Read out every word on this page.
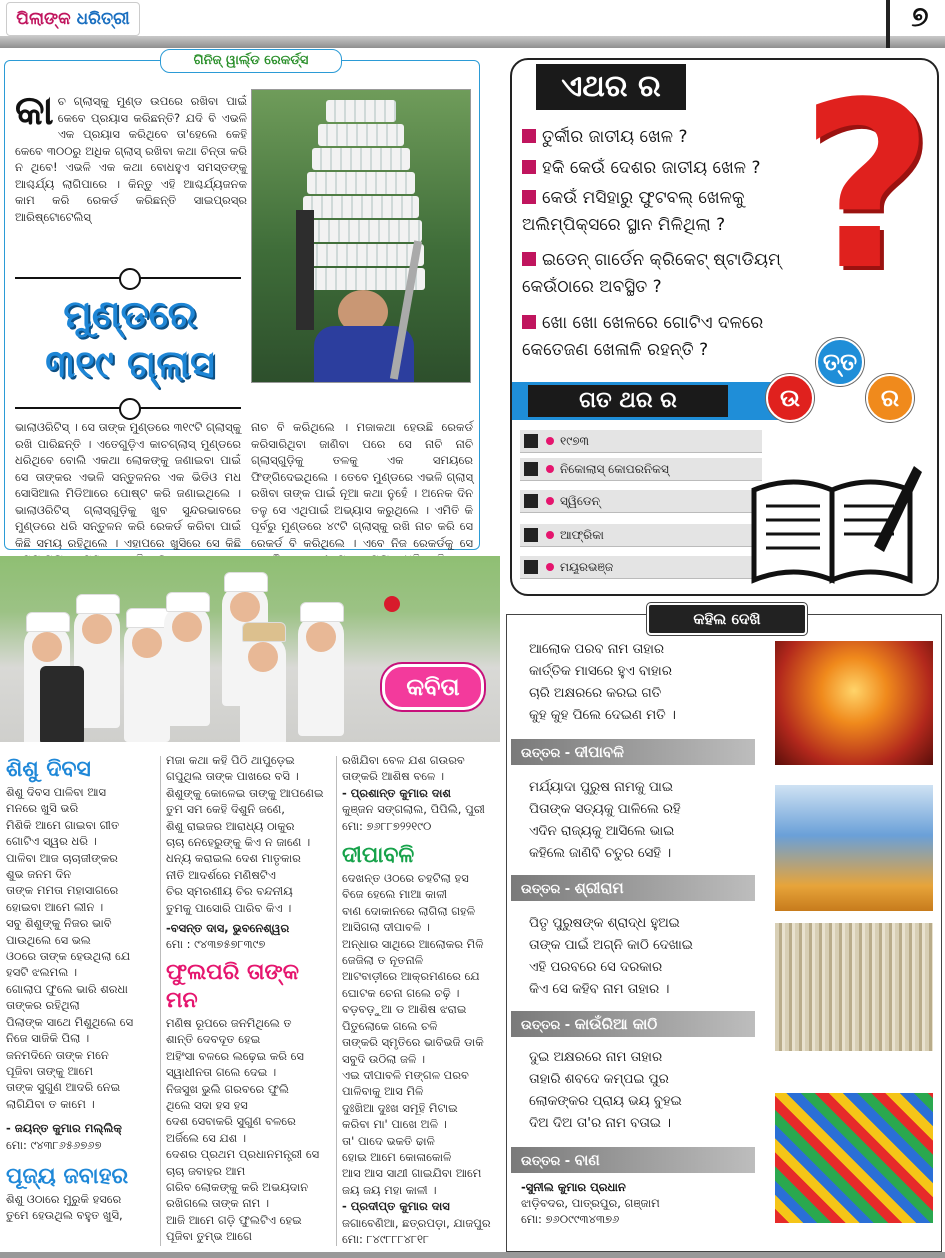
ପିଲାଙ୍କ ଧରିତ୍ରୀ	୭
ଗିନିଜ୍ ୱାର୍ଲ୍ଡ ରେକର୍ଡ୍ସ
କାଚ ଗ୍ଲାସ୍କୁ ମୁଣ୍ଡ ଉପରେ ରଖିବା ପାଇଁ କେବେ ପ୍ରୟାସ କରିଛନ୍ତି? ଯଦି ବି ଏଭଳି ଏକ ପ୍ରୟାସ କରିଥିବେ ତା'ହେଲେ କେହି କେବେ ୩୦୦ରୁ ଅଧିକ ଗ୍ଲାସ୍ ରଖିବା କଥା ଚିନ୍ତା କରି ନ ଥିବେ! ଏଭଳି ଏକ କଥା ବୋଧହୁଏ ସମସ୍ତଙ୍କୁ ଆଶ୍ଚର୍ଯ୍ୟ ଲାଗିପାରେ । କିନ୍ତୁ ଏହି ଆଶ୍ଚର୍ଯ୍ୟଜନକ କାମ କରି ରେକର୍ଡ କରିଛନ୍ତି ସାଇପ୍ରସ୍‌ର ଆରିଷ୍ଟୋଟେଲିସ୍
ମୁଣ୍ଡରେ
୩୧୯ ଗ୍ଲାସ
ଭାଲାଓରିଟିସ୍ । ସେ ତାଙ୍କ ମୁଣ୍ଡରେ ୩୧୯ଟି ଗ୍ଲାସ୍କୁ ରଖି ପାରିଛନ୍ତି । ଏତେଗୁଡ଼ିଏ କାଚଗ୍ଲାସ୍ ମୁଣ୍ଡରେ ଧରିଥିବେ ବୋଲି ଏକଥା ଲୋକଙ୍କୁ ଜଣାଇବା ପାଇଁ ସେ ତାଙ୍କର ଏଭଳି ସନ୍ତୁଳନର ଏକ ଭିଡିଓ ମଧ ସୋସିଆଲ ମିଡିଆରେ ପୋଷ୍ଟ କରି ଜଣାଇଥିଲେ । ଭାଲାଓରିଟିସ୍ ଗ୍ଲାସ୍‌ଗୁଡ଼ିକୁ ଖୁବ ସୁନ୍ଦରଭାବରେ ମୁଣ୍ଡରେ ଧରି ସନ୍ତୁଳନ କରି ରେକର୍ଡ କରିବା ପାଇଁ କିଛି ସମୟ ରହିଥିଲେ । ଏହାପରେ ଖୁସିରେ ସେ କିଛି
ନାଚ ବି କରିଥିଲେ । ମଜାକଥା ହେଉଛି ରେକର୍ଡ କରିସାରିଥିବା ଜାଣିବା ପରେ ସେ ନାଚି ନାଚି ଗ୍ଲାସ୍‌ଗୁଡ଼ିକୁ ତଳକୁ ଏକ ସମୟରେ ଫିଙ୍ଗିଦେଇଥିଲେ । ତେବେ ମୁଣ୍ଡରେ ଏଭଳି ଗ୍ଲାସ୍ ରଖିବା ତାଙ୍କ ପାଇଁ ନୂଆ କଥା ନୁହେଁ । ଅନେକ ଦିନ ତଳୁ ସେ ଏଥିପାଇଁ ଅଭ୍ୟାସ କରୁଥିଲେ । ଏମିତି କି ପୂର୍ବରୁ ମୁଣ୍ଡରେ ୪୯ଟି ଗ୍ଲାସ୍କୁ ରଖି ନାଚ କରି ସେ ରେକର୍ଡ ବି କରିଥିଲେ । ଏବେ ନିଜ ରେକର୍ଡକୁ ସେ
ଏଥର ର ?
ତୁର୍କୀର ଜାତୀୟ ଖେଳ ?
ହକି କେଉଁ ଦେଶର ଜାତୀୟ ଖେଳ ?
କେଉଁ ମସିହାରୁ ଫୁଟବଲ୍ ଖେଳକୁ ଅଲିମ୍ପିକ୍ସରେ ସ୍ଥାନ ମିଳିଥିଲା ?
ଇଡେନ୍ ଗାର୍ଡେନ କ୍ରିକେଟ୍ ଷ୍ଟାଡିୟମ୍ କେଉଁଠାରେ ଅବସ୍ଥିତ ?
ଖୋ ଖୋ ଖେଳରେ ଗୋଟିଏ ଦଳରେ କେତେଜଣ ଖେଳାଳି ରହନ୍ତି ?
ଗତ ଥର ର	ଉ
ତ୍ତ
ର
୧୯୭୩
ନିକୋଲାସ୍ କୋପରନିକସ୍
ସ୍ୱିଡେନ୍
ଆଫ୍ରିକା
ମୟୂରଭଞ୍ଜ
କବିତା
ଶିଶୁ ଦିବସ
ଶିଶୁ ଦିବସ ପାଳିବା ଆସ
ମନରେ ଖୁସି ଭରି
ମିଶିକି ଆମେ ଗାଇବା ଗୀତ
ଗୋଟିଏ ସ୍ୱର ଧରି ।
ପାଳିବା ଆଜ ଚାଚାଜୀଙ୍କର
ଶୁଭ ଜନମ ଦିନ
ତାଙ୍କ ମମତା ମହାସାଗରେ
ହୋଇବା ଆମେ ଲୀନ ।
ସବୁ ଶିଶୁଙ୍କୁ ନିଜର ଭାବି
ପାଉଥିଲେ ସେ ଭଲ
ଓଠରେ ତାଙ୍କ ହେଉଥିଲା ଯେ
ହସଟି ଝଲମଲ ।
ଗୋଲାପ ଫୁଲେ ଭାରି ଶରଧା
ତାଙ୍କର ରହିଥିଲା
ପିଲାଙ୍କ ସାଥେ ମିଶୁଥିଲେ ସେ
ନିଜେ ସାଜିକି ପିଲା ।
ଜନମଦିନେ ତାଙ୍କ ମନେ
ପୂଜିବା ତାଙ୍କୁ ଆମେ
ତାଙ୍କ ସୁଗୁଣ ଆଦରି ନେଇ
ଲାଗିଯିବା ତ କାମେ ।
- ଜୟନ୍ତ କୁମାର ମଲ୍ଲିକ୍
ମୋ: ୯୪୩୮୬୫୬୭୬୭
ପୂଜ୍ୟ ଜବାହର
ଶିଶୁ ଓଠାରେ ମୁରୁକି ହସରେ
ତୁମେ ହେଉଥିଲ ବହୁତ ଖୁସି,
ମଜା କଥା କହି ପିଠି ଥାପୁଡ଼େଇ
ଗପୁଥିଲ ତାଙ୍କ ପାଖରେ ବସି ।
ଶିଶୁଙ୍କୁ କୋଳେଇ ତାଙ୍କୁ ଆପଣେଇ
ତୁମ ସମ କେହି ଦିଶୁନି ଜଣେ,
ଶିଶୁ ରାଇଜର ଆରାଧ୍ୟ ଠାକୁର
ଚାଚା ନେହେରୁଙ୍କୁ କିଏ ନ ଜାଣେ ।
ଧନ୍ୟ କରାଇଲ ଦେଶ ମାତୃକାର
ନୀତି ଆଦର୍ଶରେ ମଣିଷଟିଏ
ଚିର ସ୍ମରଣୀୟ ଚିର ବନ୍ଦନୀୟ
ତୁମକୁ ପାସୋରି ପାରିବ କିଏ ।
-ବସନ୍ତ ଦାସ, ଭୁବନେଶ୍ୱର
ମୋ : ୯୪୩୭୫୭୮୩୯୭
ଫୁଲପରି ତାଙ୍କ ମନ
ମଣିଷ ରୂପରେ ଜନମିଥିଲେ ତ
ଶାନ୍ତି ଦେବଦୂତ ହେଇ
ଅହିଂସା ବଳରେ ଲଢ଼େଇ କରି ସେ
ସ୍ୱାଧୀନତା ଗଲେ ଦେଇ ।
ନିଜସୁଖ ଭୁଲି ଗରବରେ ଫୁଲି
ଥିଲେ ସଦା ହସ ହସ
ଦେଶ ସେବାକରି ସୁଗୁଣ ବଳରେ
ଅର୍ଜିଲେ ସେ ଯଶ ।
ଦେଶର ପ୍ରଥମ ପ୍ରଧାନମନ୍ତ୍ରୀ ସେ
ଚାଚା ଜବାହର ଆମ
ଗରିବ ଲୋକଙ୍କୁ କରି ଅଭୟଦାନ
ରଖିଗଲେ ତାଙ୍କ ନାମ ।
ଆଜି ଆମେ ଗଡ଼ି ଫୁଲଟିଏ ହେଇ
ପୂଜିବା ତୁମ୍ଭ ଆଗେ
ରଖିଯିବା ବେଳ ଯଶ ଗଉରବ
ତାଙ୍କରି ଆଶିଷ ବଳେ ।
- ପ୍ରଶାନ୍ତ କୁମାର ଦାଶ
କୁଞ୍ଜନ ସଙ୍ଗଲାଲ, ପିପିଲି, ପୁରୀ
ମୋ: ୭୬୮୮୭୨୨୧୯୦
ଦୀପାବଳି
ଦେଖନ୍ତ ଓଠରେ ଚହଟିଲା ହସ
ବିଜେ ହେଲେ ମାଆ କାଳୀ
ବାଣ ଦୋକାନରେ ଲାଗିଲା ଗହଳି
ଆସିଗଲା ଦୀପାବଳି ।
ଅନ୍ଧାର ସାଥିରେ ଆଲୋକର ମିଳି
ଜେଜିଲା ତ ନୂତନାଳି
ଆଟବାଡ଼ୀରେ ଆକ୍ରମଣରେ ଯେ
ଘୋଟକ ଚେନା ଗଲେ ଚଢ଼ି ।
ବଡ଼ବଡ଼ୁଆ ଡ ଆଶିଷ ଝରାଇ
ପିତୁଲୋକେ ଗଲେ ଚଳି
ତାଙ୍କରି ସ୍ମୃତିରେ ଭାବିଭଜି ଡାକି
ସବୁଦି ଉଠିଲା ଜଳି ।
ଏଇ ଦୀପାବଳି ମଙ୍ଗଳ ପରବ
ପାଳିବାକୁ ଆସ ମିଳି
ଦୁଃଖିଆ ଦୁଃଖ ସମୂହି ମିଟାଇ
କରିବା ମା' ପାଖେ ଅଳି ।
ତା' ପାଦେ ଭକତି ଢାଳି
ହୋଇ ଆମେ କୋଳାକୋଳି
ଆସ ଆସ ସାଥୀ ଗାଇଯିବା ଆମେ
ଜୟ ଜୟ ମହା କାଳୀ ।
- ପ୍ରଦୀପ୍ତ କୁମାର ଦାସ
ଜଗାବେଣିଆ, ଛତ୍ରପଡ଼ା, ଯାଜପୁର
ମୋ: ୮୪୯୮୮୮୪୮୧୮
କହିଲ ଦେଖି
ଆଲୋକ ପରବ ନାମ ତାହାର
କାର୍ତ୍ତିକ ମାସରେ ହୁଏ ବାହାର
ଚାରି ଅକ୍ଷରରେ କରଇ ଗତି
କୁହ କୁହ ପିଲେ ଦେଇଣ ମତି ।
ଉତ୍ତର - ଦୀପାବଳି
ମର୍ଯ୍ୟାଦା ପୁରୁଷ ନାମକୁ ପାଇ
ପିତାଙ୍କ ସତ୍ୟକୁ ପାଳିଲେ ରହି
ଏଦିନ ରାଜ୍ୟକୁ ଆସିଲେ ଭାଇ
କହିଲେ ଜାଣିବି ଚତୁର ସେହି ।
ଉତ୍ତର - ଶ୍ରୀରାମ
ପିତୃ ପୁରୁଷଙ୍କ ଶ୍ରାଦ୍ଧ ହୁଅଇ
ତାଙ୍କ ପାଇଁ ଅଗ୍ନି କାଠି ଦେଖାଇ
ଏହି ପରବରେ ସେ ଦରକାର
କିଏ ସେ କହିବ ନାମ ତାହାର ।
ଉତ୍ତର - କାଉଁରିଆ କାଠି
ଦୁଇ ଅକ୍ଷରରେ ନାମ ତାହାର
ତାହାରି ଶବଦେ କମ୍ପଇ ପୁର
ଲୋକଙ୍କର ପ୍ରାୟ ଭୟ ବୁହଇ
ଦିଅ ଦିଅ ତା'ର ନାମ ବତାଇ ।
ଉତ୍ତର - ବାଣ
-ସୁନୀଲ କୁମାର ପ୍ରଧାନ
ଝାଡ଼ିବଦର, ପାତ୍ରପୁର, ଗଞ୍ଜାମ
ମୋ: ୭୬୦୯୯୩୪୩୭୬
